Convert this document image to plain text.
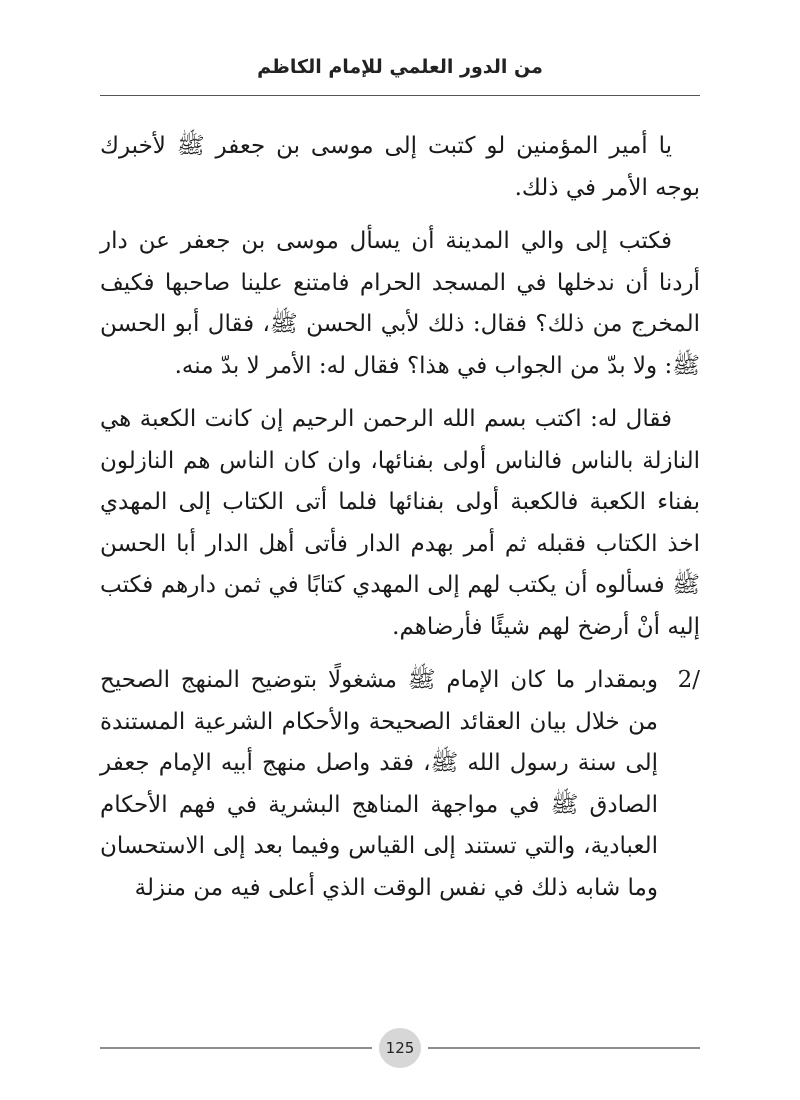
من الدور العلمي للإمام الكاظم

يا أمير المؤمنين لو كتبت إلى موسى بن جعفر ﷺ لأخبرك بوجه الأمر في ذلك.

فكتب إلى والي المدينة أن يسأل موسى بن جعفر عن دار أردنا أن ندخلها في المسجد الحرام فامتنع علينا صاحبها فكيف المخرج من ذلك؟ فقال: ذلك لأبي الحسن ﷺ، فقال أبو الحسن ﷺ: ولا بدّ من الجواب في هذا؟ فقال له: الأمر لا بدّ منه.

فقال له: اكتب بسم الله الرحمن الرحيم إن كانت الكعبة هي النازلة بالناس فالناس أولى بفنائها، وان كان الناس هم النازلون بفناء الكعبة فالكعبة أولى بفنائها فلما أتى الكتاب إلى المهدي اخذ الكتاب فقبله ثم أمر بهدم الدار فأتى أهل الدار أبا الحسن ﷺ فسألوه أن يكتب لهم إلى المهدي كتابًا في ثمن دارهم فكتب إليه أنْ أرضخ لهم شيئًا فأرضاهم.

2/

وبمقدار ما كان الإمام ﷺ مشغولًا بتوضيح المنهج الصحيح من خلال بيان العقائد الصحيحة والأحكام الشرعية المستندة إلى سنة رسول الله ﷺ، فقد واصل منهج أبيه الإمام جعفر الصادق ﷺ في مواجهة المناهج البشرية في فهم الأحكام العبادية، والتي تستند إلى القياس وفيما بعد إلى الاستحسان وما شابه ذلك في نفس الوقت الذي أعلى فيه من منزلة

125
